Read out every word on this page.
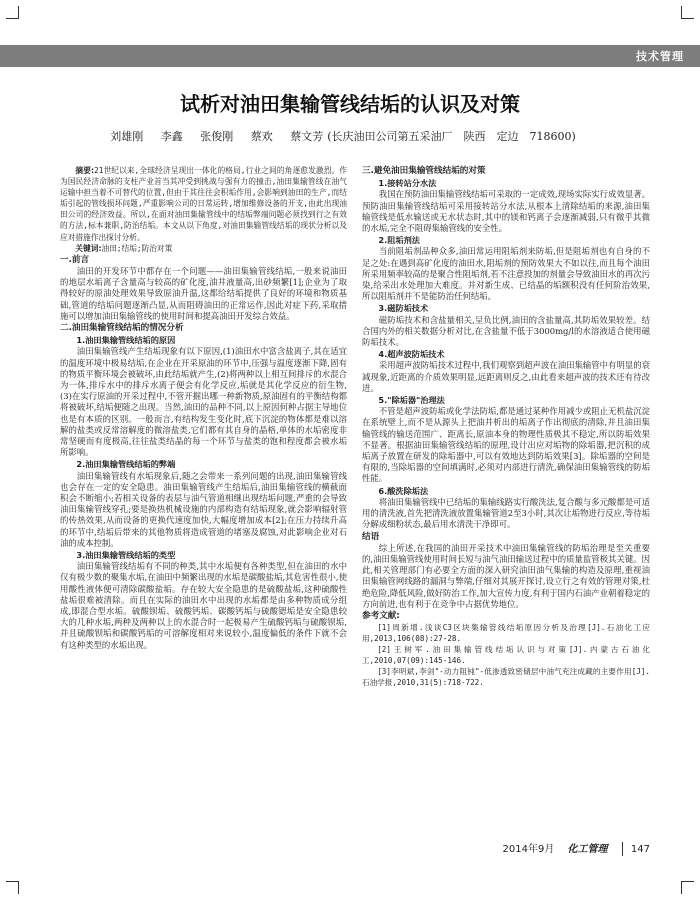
技术管理
试析对油田集输管线结垢的认识及对策
刘雄刚 李鑫 张俊刚 蔡欢 蔡文芳 (长庆油田公司第五采油厂　陕西　定边　718600)

摘要:21世纪以来,全球经济呈现出一体化的格局,行业之间的角逐愈发激烈。作为国民经济命脉的支柱产业首当其冲受到挑战与强有力的撞击,油田集输管线在油气运输中担当着不可替代的位置,但由于其往往会积垢作用,会影响到油田的生产,而结垢引起的管线损坏问题,严重影响公司的日常运转,增加维修设备的开支,由此出现油田公司的经济效益。所以,在面对油田集输管线中的结垢弊端问题必须找到行之有效的方法,标本兼职,防治结垢。本文从以下角度,对油田集输管线结垢的现状分析以及应对措施作出探讨分析。

关键词:油田;结垢;防治对策

一.前言

油田的开发环节中都存在一个问题——油田集输管线结垢,一般来说油田的地层水垢离子含量高与较高的矿化度,油井液量高,出砂频繁[1];企业为了取得较好的原油处理效果导致原油升温,这都给结垢提供了良好的环境和物质基础,管道的结垢问题逐渐凸显,从而阻碍油田的正常运作,因此对症下药,采取措施可以增加油田集输管线的使用时间和提高油田开发综合效益。

二.油田集输管线结垢的情况分析
1.油田集输管线结垢的原因

油田集输管线产生结垢现象有以下原因,(1)油田水中富含盐离子,其在适宜的温度环境中极易结垢,在企业在开采原油的环节中,压强与温度逐渐下降,固有的物质平衡环境会被破坏,由此结垢就产生,(2)将两种以上相互间排斥的水混合为一体,排斥水中的排斥水离子便会有化学反应,垢就是其化学反应的衍生物,(3)在实行原油的开采过程中,不管开掘出哪一种新物质,原油固有的平衡结构都将被破坏,结垢便随之出现。当然,油田的品种不同,以上原因何种占据主导地位也是有本质的区别。一般而言,有结构发生变化时,底下沉淀的物体都是难以溶解的盐类或反常溶解度的微溶盐类,它们都有其自身的晶格,单体的水垢密度非常坚硬而有度极高,往往盐类结晶的每一个环节与盐类的饱和程度都会被水垢所影响。

2.油田集输管线结垢的弊端

油田集输管线有水垢现象后,随之会带来一系列问题的出现,油田集输管线也会存在一定的安全隐患。油田集输管线产生结垢后,油田集输管线的横截面积会不断缩小;若相关设备的表层与油气管道相继出现结垢问题,严重的会导致油田集输管线穿孔;要是换热机械设施的内部构造有结垢现象,就会影响辐射管的传热效果,从而设备的更换代速度加快,大幅度增加成本[2];在压力持续升高的环节中,结垢后带来的其他物质将造成管道的堵塞及腐蚀,对此影响企业对石油的成本控制。

3.油田集输管线结垢的类型

油田集输管线结垢有不同的种类,其中水垢便有各种类型,但在油田的水中仅有极少数的聚集水垢,在油田中频繁出现的水垢是碳酸盐垢,其危害性很小,使用酸性液体便可清除碳酸盐垢。存在较大安全隐患的是硫酸盐垢,这种硫酸性盐垢很难被清除。而且在实际的油田水中出现的水垢都是由多种物质成分组成,即混合型水垢。硫酸钡垢、硫酸钙垢、碳酸钙垢与硫酸锶垢是安全隐患较大的几种水垢,两种及两种以上的水混合时一起极易产生硫酸钙垢与硫酸钡垢,并且硫酸钡垢和碳酸钙垢的可溶解度相对来说较小,温度偏低的条件下就不会有这种类型的水垢出现。

三.避免油田集输管线结垢的对策
1.接转站分水法

我国在预防油田集输管线结垢可采取的一定成效,现场实际实行成效显著。预防油田集输管线结垢可采用接转站分水法,从根本上清除结垢的来源,油田集输管线是低水输送或无水状态时,其中的镁和钙离子会逐渐减弱,只有微乎其微的水垢,完全不阻碍集输管线的安全性。

2.阻垢剂法

当前阻垢剂品种众多,油田常运用阻垢剂来防垢,但是阻垢剂也有自身的不足之处:在遇到高矿化度的油田水,阻垢剂的预防效果大不如以往,而且每个油田所采用频率较高的是聚合性阻垢剂,若不注意投加的剂量会导致油田水的再次污染,给采出水处理加大难度。并对新生成、已结晶的垢额积没有任何阶治效果,所以阻垢剂并不是能防治任何结垢。

3.磁防垢技术

磁防垢技术和含盐量相关,呈负比例,油田的含盐量高,其防垢效果较差。结合国内外的相关数据分析对比,在含盐量不低于3000mg/l的水溶液适合使用磁防垢技术。

4.超声波防垢技术

采用超声波防垢技术过程中,我们观察到超声波在油田集输管中有明显的衰减现象,近距离的介质效果明显,远距离则反之,由此看来超声波的技术还有待改进。

5."除垢器"治理法

不管是超声波防垢或化学法防垢,都是通过某种作用减少或阻止无机盐沉淀在系统壁上,而不是从源头上把油井析出的垢离子作出彻底的清除,并且油田集输管线的输送范围广、距离长,原油本身的物理性质极其不稳定,所以防垢效果不显著。根据油田集输管线结垢的原理,设计出应对垢物的除垢器,把沉积的成垢离子放置在研发的除垢器中,可以有效地达到防垢效果[3]。除垢器的空间是有限的,当除垢器的空间填满时,必须对内部进行清洗,确保油田集输管线的防垢性能。

6.酸洗除垢法

将油田集输管线中已结垢的集输线路实行酸洗法,复合酸与多元酸都是可适用的清洗液,首先把清洗液放置集输管道2至3小时,其次让垢物进行反应,等待垢分解成细粉状态,最后用水清洗干净即可。

结语

综上所述,在我国的油田开采技术中油田集输管线的防垢治理是至关重要的,油田集输管线使用时间长短与油气油田输送过程中的质量监管极其关键。因此,相关管理部门有必要全方面的深入研究油田油气集输的构造及原理,重视油田集输管网线路的漏洞与弊端,仔细对其展开探讨,设立行之有效的管理对策,杜绝危险,降低风险,做好防治工作,加大宣传力度,有利于国内石油产业朝着稳定的方向前进,也有利于在竞争中占据优势地位。

参考文献:

[1]周新增.浅谈C3区块集输管线结垢原因分析及治理[J].石油化工应用,2013,106(08):27-28.

[2]王树军.油田集输管线结垢认识与对策[J].内蒙古石油化工,2010,07(09):145-146.

[3]李明斌,李剑"-动力阻钝"-低渗透致密储层中油气充注成藏的主要作用[J].石油学报,2010,31(5):718-722.

2014年9月 化工管理 147
